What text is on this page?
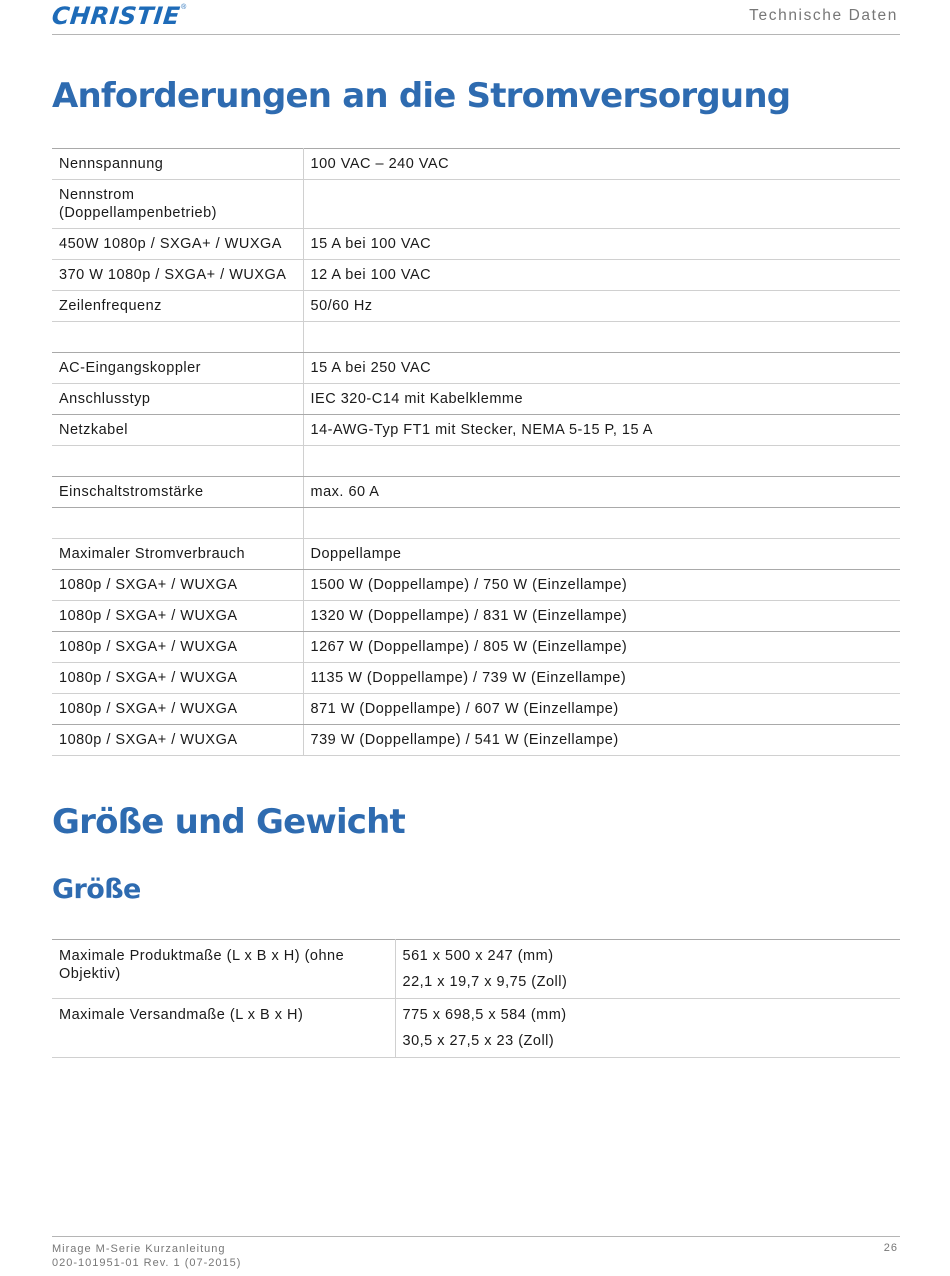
CHRISTIE ®	Technische Daten
Anforderungen an die Stromversorgung
Nennspannung	100 VAC – 240 VAC
Nennstrom (Doppellampenbetrieb)	
450W 1080p / SXGA+ / WUXGA	15 A bei 100 VAC
370 W 1080p / SXGA+ / WUXGA	12 A bei 100 VAC
Zeilenfrequenz	50/60 Hz

AC-Eingangskoppler	15 A bei 250 VAC
Anschlusstyp	IEC 320-C14 mit Kabelklemme
Netzkabel	14-AWG-Typ FT1 mit Stecker, NEMA 5-15 P, 15 A

Einschaltstromstärke	max. 60 A

Maximaler Stromverbrauch	Doppellampe
1080p / SXGA+ / WUXGA	1500 W (Doppellampe) / 750 W (Einzellampe)
1080p / SXGA+ / WUXGA	1320 W (Doppellampe) / 831 W (Einzellampe)
1080p / SXGA+ / WUXGA	1267 W (Doppellampe) / 805 W (Einzellampe)
1080p / SXGA+ / WUXGA	1135 W (Doppellampe) / 739 W (Einzellampe)
1080p / SXGA+ / WUXGA	871 W (Doppellampe) / 607 W (Einzellampe)
1080p / SXGA+ / WUXGA	739 W (Doppellampe) / 541 W (Einzellampe)
Größe und Gewicht
Größe
Maximale Produktmaße (L x B x H) (ohne Objektiv)	561 x 500 x 247 (mm)
22,1 x 19,7 x 9,75 (Zoll)

Maximale Versandmaße (L x B x H)	775 x 698,5 x 584 (mm)
30,5 x 27,5 x 23 (Zoll)
Mirage M-Serie Kurzanleitung
020-101951-01 Rev. 1 (07-2015)
26
